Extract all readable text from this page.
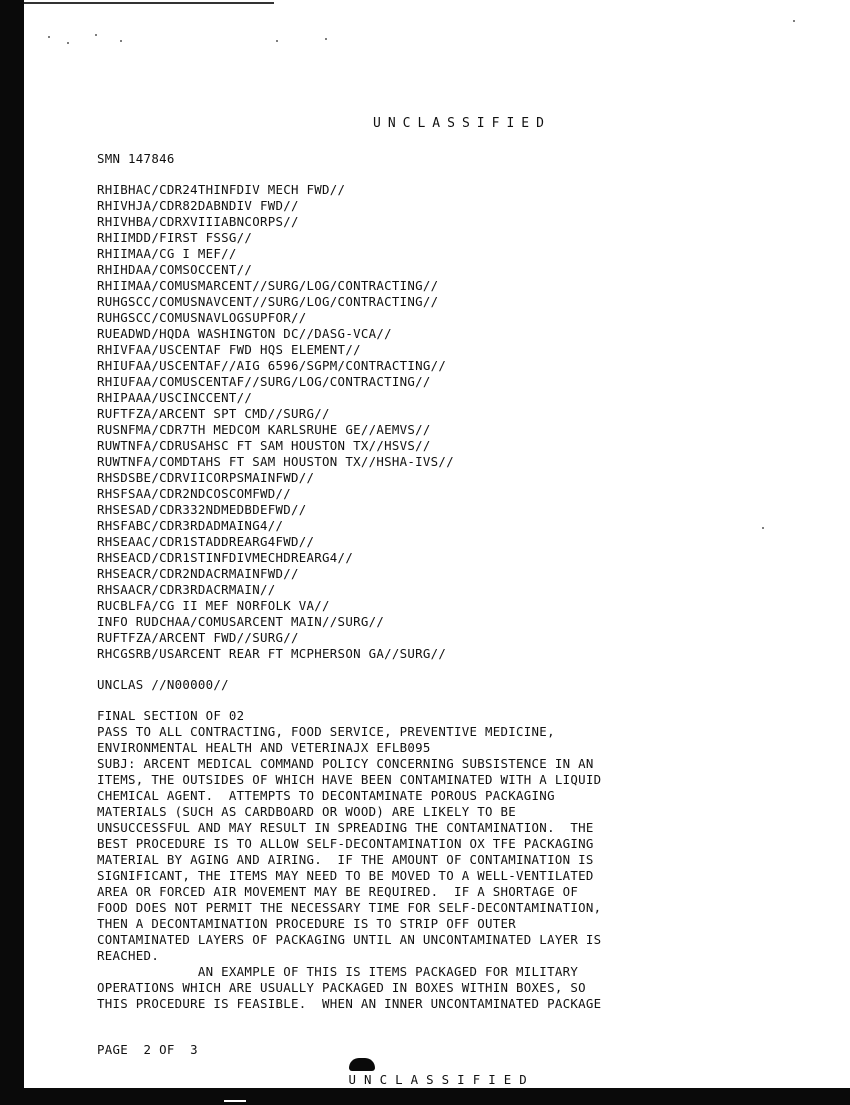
UNCLASSIFIED
SMN 147846
RHIBHAC/CDR24THINFDIV MECH FWD//
RHIVHJA/CDR82DABNDIV FWD//
RHIVHBA/CDRXVIIIABNCORPS//
RHIIMDD/FIRST FSSG//
RHIIMAA/CG I MEF//
RHIHDAA/COMSOCCENT//
RHIIMAA/COMUSMARCENT//SURG/LOG/CONTRACTING//
RUHGSCC/COMUSNAVCENT//SURG/LOG/CONTRACTING//
RUHGSCC/COMUSNAVLOGSUPFOR//
RUEADWD/HQDA WASHINGTON DC//DASG-VCA//
RHIVFAA/USCENTAF FWD HQS ELEMENT//
RHIUFAA/USCENTAF//AIG 6596/SGPM/CONTRACTING//
RHIUFAA/COMUSCENTAF//SURG/LOG/CONTRACTING//
RHIPAAA/USCINCCENT//
RUFTFZA/ARCENT SPT CMD//SURG//
RUSNFMA/CDR7TH MEDCOM KARLSRUHE GE//AEMVS//
RUWTNFA/CDRUSAHSC FT SAM HOUSTON TX//HSVS//
RUWTNFA/COMDTAHS FT SAM HOUSTON TX//HSHA-IVS//
RHSDSBE/CDRVIICORPSMAINFWD//
RHSFSAA/CDR2NDCOSCOMFWD//
RHSESAD/CDR332NDMEDBDEFWD//
RHSFABC/CDR3RDADMAING4//
RHSEAAC/CDR1STADDREARG4FWD//
RHSEACD/CDR1STINFDIVMECHDREARG4//
RHSEACR/CDR2NDACRMAINFWD//
RHSAACR/CDR3RDACRMAIN//
RUCBLFA/CG II MEF NORFOLK VA//
INFO RUDCHAA/COMUSARCENT MAIN//SURG//
RUFTFZA/ARCENT FWD//SURG//
RHCGSRB/USARCENT REAR FT MCPHERSON GA//SURG//
UNCLAS //N00000//
FINAL SECTION OF 02
PASS TO ALL CONTRACTING, FOOD SERVICE, PREVENTIVE MEDICINE,
ENVIRONMENTAL HEALTH AND VETERINAJX EFLB095
SUBJ: ARCENT MEDICAL COMMAND POLICY CONCERNING SUBSISTENCE IN AN
ITEMS, THE OUTSIDES OF WHICH HAVE BEEN CONTAMINATED WITH A LIQUID
CHEMICAL AGENT.  ATTEMPTS TO DECONTAMINATE POROUS PACKAGING
MATERIALS (SUCH AS CARDBOARD OR WOOD) ARE LIKELY TO BE
UNSUCCESSFUL AND MAY RESULT IN SPREADING THE CONTAMINATION.  THE
BEST PROCEDURE IS TO ALLOW SELF-DECONTAMINATION OX TFE PACKAGING
MATERIAL BY AGING AND AIRING.  IF THE AMOUNT OF CONTAMINATION IS
SIGNIFICANT, THE ITEMS MAY NEED TO BE MOVED TO A WELL-VENTILATED
AREA OR FORCED AIR MOVEMENT MAY BE REQUIRED.  IF A SHORTAGE OF
FOOD DOES NOT PERMIT THE NECESSARY TIME FOR SELF-DECONTAMINATION,
THEN A DECONTAMINATION PROCEDURE IS TO STRIP OFF OUTER
CONTAMINATED LAYERS OF PACKAGING UNTIL AN UNCONTAMINATED LAYER IS
REACHED.
AN EXAMPLE OF THIS IS ITEMS PACKAGED FOR MILITARY
OPERATIONS WHICH ARE USUALLY PACKAGED IN BOXES WITHIN BOXES, SO
THIS PROCEDURE IS FEASIBLE.  WHEN AN INNER UNCONTAMINATED PACKAGE
PAGE  2 OF  3

U N C L A S S I F I E D
